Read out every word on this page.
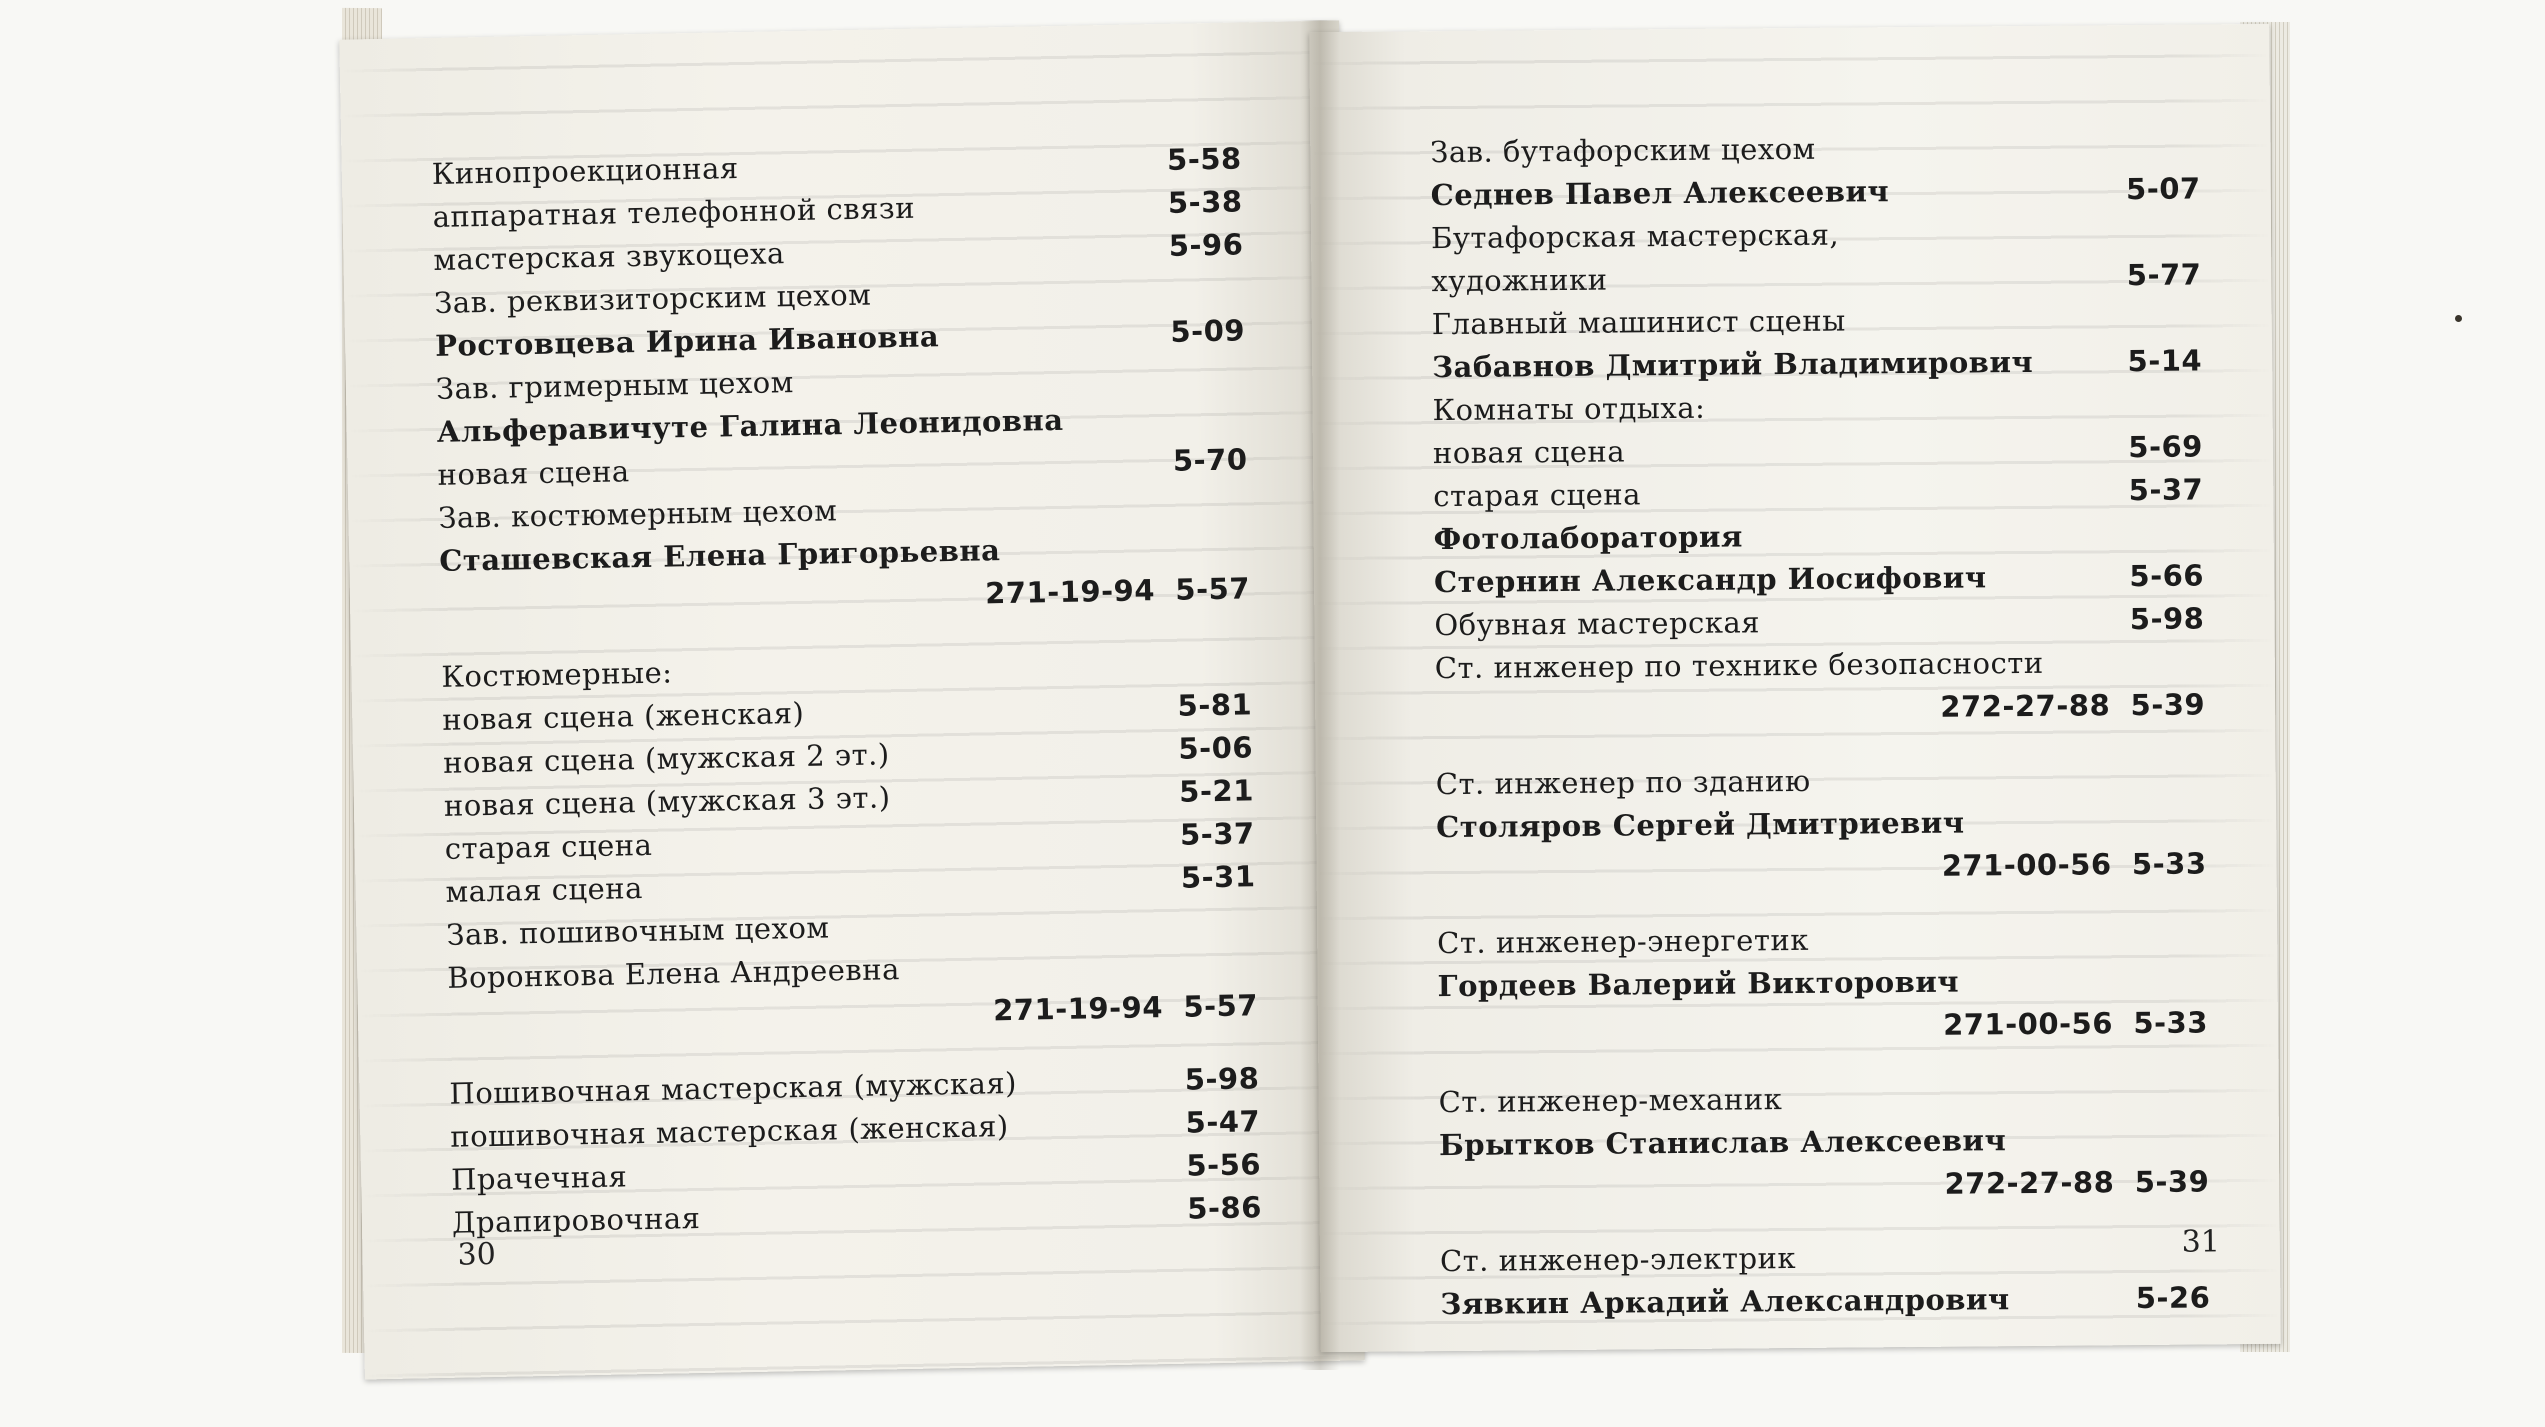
Кинопроекционная	5-58
аппаратная телефонной связи	5-38
мастерская звукоцеха	5-96
Зав. реквизиторским цехом
Ростовцева Ирина Ивановна	5-09
Зав. гримерным цехом
Альферавичуте Галина Леонидовна
новая сцена	5-70
Зав. костюмерным цехом
Сташевская Елена Григорьевна
271-19-94 5-57
Костюмерные:
новая сцена (женская)	5-81
новая сцена (мужская 2 эт.)	5-06
новая сцена (мужская 3 эт.)	5-21
старая сцена	5-37
малая сцена	5-31
Зав. пошивочным цехом
Воронкова Елена Андреевна
271-19-94 5-57
Пошивочная мастерская (мужская)	5-98
пошивочная мастерская (женская)	5-47
Прачечная	5-56
Драпировочная	5-86
30
Зав. бутафорским цехом
Седнев Павел Алексеевич	5-07
Бутафорская мастерская,
художники	5-77
Главный машинист сцены
Забавнов Дмитрий Владимирович	5-14
Комнаты отдыха:
новая сцена	5-69
старая сцена	5-37
Фотолаборатория
Стернин Александр Иосифович	5-66
Обувная мастерская	5-98
Ст. инженер по технике безопасности
272-27-88 5-39
Ст. инженер по зданию
Столяров Сергей Дмитриевич
271-00-56 5-33
Ст. инженер-энергетик
Гордеев Валерий Викторович
271-00-56 5-33
Ст. инженер-механик
Брытков Станислав Алексеевич
272-27-88 5-39
Ст. инженер-электрик
Зявкин Аркадий Александрович	5-26
31
